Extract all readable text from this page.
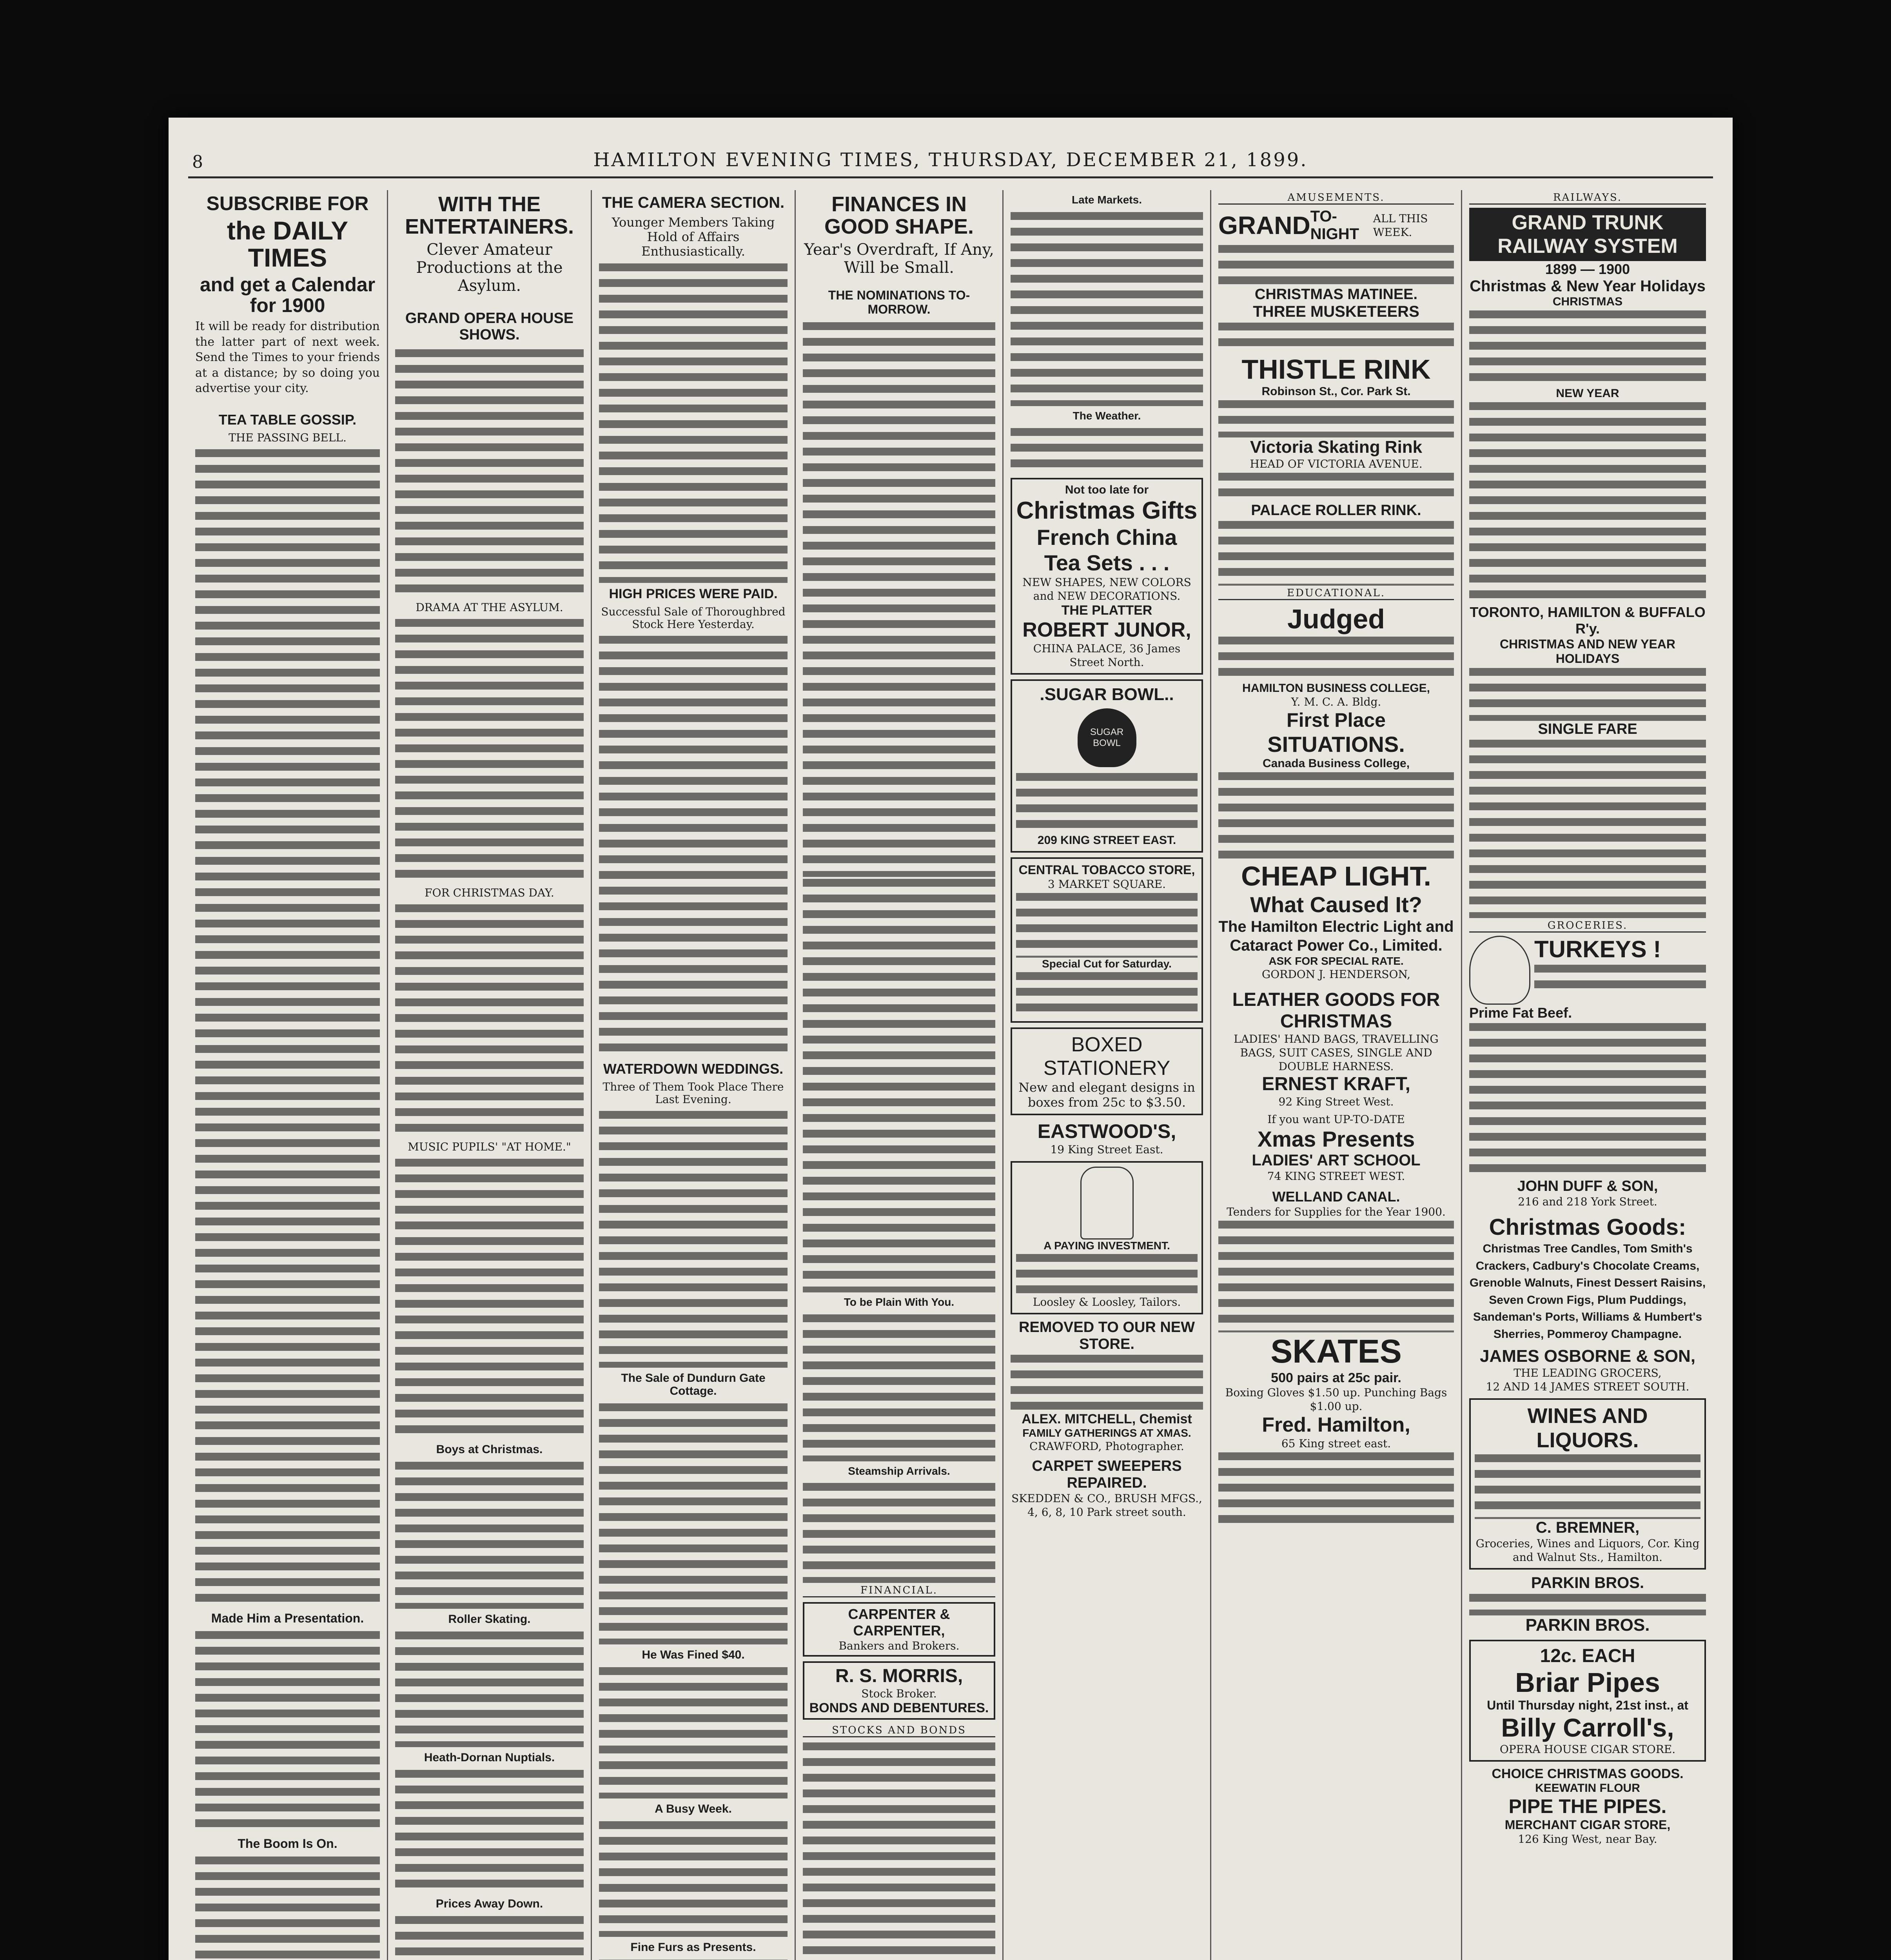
8	HAMILTON EVENING TIMES, THURSDAY, DECEMBER 21, 1899.
SUBSCRIBE FOR
the DAILY TIMES
and get a Calendar for 1900
It will be ready for distribution the latter part of next week. Send the Times to your friends at a distance; by so doing you advertise your city.
TEA TABLE GOSSIP.
THE PASSING BELL.
Made Him a Presentation.
The Boom Is On.
WITH THE ENTERTAINERS.
Clever Amateur Productions at the Asylum.
GRAND OPERA HOUSE SHOWS.
DRAMA AT THE ASYLUM.
FOR CHRISTMAS DAY.
MUSIC PUPILS' "AT HOME."
Boys at Christmas.
Roller Skating.
Heath-Dornan Nuptials.
Prices Away Down.
THE CAMERA SECTION.
Younger Members Taking Hold of Affairs Enthusiastically.
HIGH PRICES WERE PAID.
Successful Sale of Thoroughbred Stock Here Yesterday.
WATERDOWN WEDDINGS.
Three of Them Took Place There Last Evening.
The Sale of Dundurn Gate Cottage.
He Was Fined $40.
A Busy Week.
Fine Furs as Presents.
FINANCES IN GOOD SHAPE.
Year's Overdraft, If Any, Will be Small.
THE NOMINATIONS TO-MORROW.
To be Plain With You.
Steamship Arrivals.
FINANCIAL.
CARPENTER & CARPENTER,
Bankers and Brokers.
R. S. MORRIS,
Stock Broker.
BONDS AND DEBENTURES.
STOCKS AND BONDS
Late Markets.
The Weather.
Not too late for
Christmas Gifts
French China Tea Sets . . .
NEW SHAPES, NEW COLORS and NEW DECORATIONS.
THE PLATTER
ROBERT JUNOR,
CHINA PALACE, 36 James Street North.
.SUGAR BOWL..
SUGAR BOWL
209 KING STREET EAST.
CENTRAL TOBACCO STORE,
3 MARKET SQUARE.
Special Cut for Saturday.
BOXED STATIONERY
New and elegant designs in boxes from 25c to $3.50.
EASTWOOD'S,
19 King Street East.
A PAYING INVESTMENT.
Loosley & Loosley, Tailors.
REMOVED TO OUR NEW STORE.
ALEX. MITCHELL, Chemist
FAMILY GATHERINGS AT XMAS.
CRAWFORD, Photographer.
CARPET SWEEPERS REPAIRED.
SKEDDEN & CO., BRUSH MFGS., 4, 6, 8, 10 Park street south.
AMUSEMENTS.
GRAND TO-NIGHT
ALL THIS WEEK.
CHRISTMAS MATINEE.
THREE MUSKETEERS
THISTLE RINK
Robinson St., Cor. Park St.
Victoria Skating Rink
HEAD OF VICTORIA AVENUE.
PALACE ROLLER RINK.
EDUCATIONAL.
Judged
HAMILTON BUSINESS COLLEGE,
Y. M. C. A. Bldg.
First Place
SITUATIONS.
Canada Business College,
CHEAP LIGHT.
What Caused It?
The Hamilton Electric Light and Cataract Power Co., Limited.
ASK FOR SPECIAL RATE.
GORDON J. HENDERSON,
LEATHER GOODS FOR CHRISTMAS
LADIES' HAND BAGS, TRAVELLING BAGS, SUIT CASES, SINGLE AND DOUBLE HARNESS.
ERNEST KRAFT,
92 King Street West.
If you want UP-TO-DATE
Xmas Presents
LADIES' ART SCHOOL
74 KING STREET WEST.
WELLAND CANAL.
Tenders for Supplies for the Year 1900.
SKATES
500 pairs at 25c pair.
Boxing Gloves $1.50 up. Punching Bags $1.00 up.
Fred. Hamilton,
65 King street east.
RAILWAYS.
GRAND TRUNK RAILWAY SYSTEM
1899 — 1900
Christmas & New Year Holidays
CHRISTMAS
NEW YEAR
TORONTO, HAMILTON & BUFFALO R'y.
CHRISTMAS AND NEW YEAR HOLIDAYS
SINGLE FARE
GROCERIES.
TURKEYS !
Prime Fat Beef.
JOHN DUFF & SON,
216 and 218 York Street.
Christmas Goods:
Christmas Tree Candles, Tom Smith's Crackers, Cadbury's Chocolate Creams, Grenoble Walnuts, Finest Dessert Raisins, Seven Crown Figs, Plum Puddings, Sandeman's Ports, Williams & Humbert's Sherries, Pommeroy Champagne.
JAMES OSBORNE & SON,
THE LEADING GROCERS,
12 AND 14 JAMES STREET SOUTH.
WINES AND LIQUORS.
C. BREMNER,
Groceries, Wines and Liquors, Cor. King and Walnut Sts., Hamilton.
PARKIN BROS.
PARKIN BROS.
12c. EACH
Briar Pipes
Until Thursday night, 21st inst., at
Billy Carroll's,
OPERA HOUSE CIGAR STORE.
CHOICE CHRISTMAS GOODS.
KEEWATIN FLOUR
PIPE THE PIPES.
MERCHANT CIGAR STORE,
126 King West, near Bay.
